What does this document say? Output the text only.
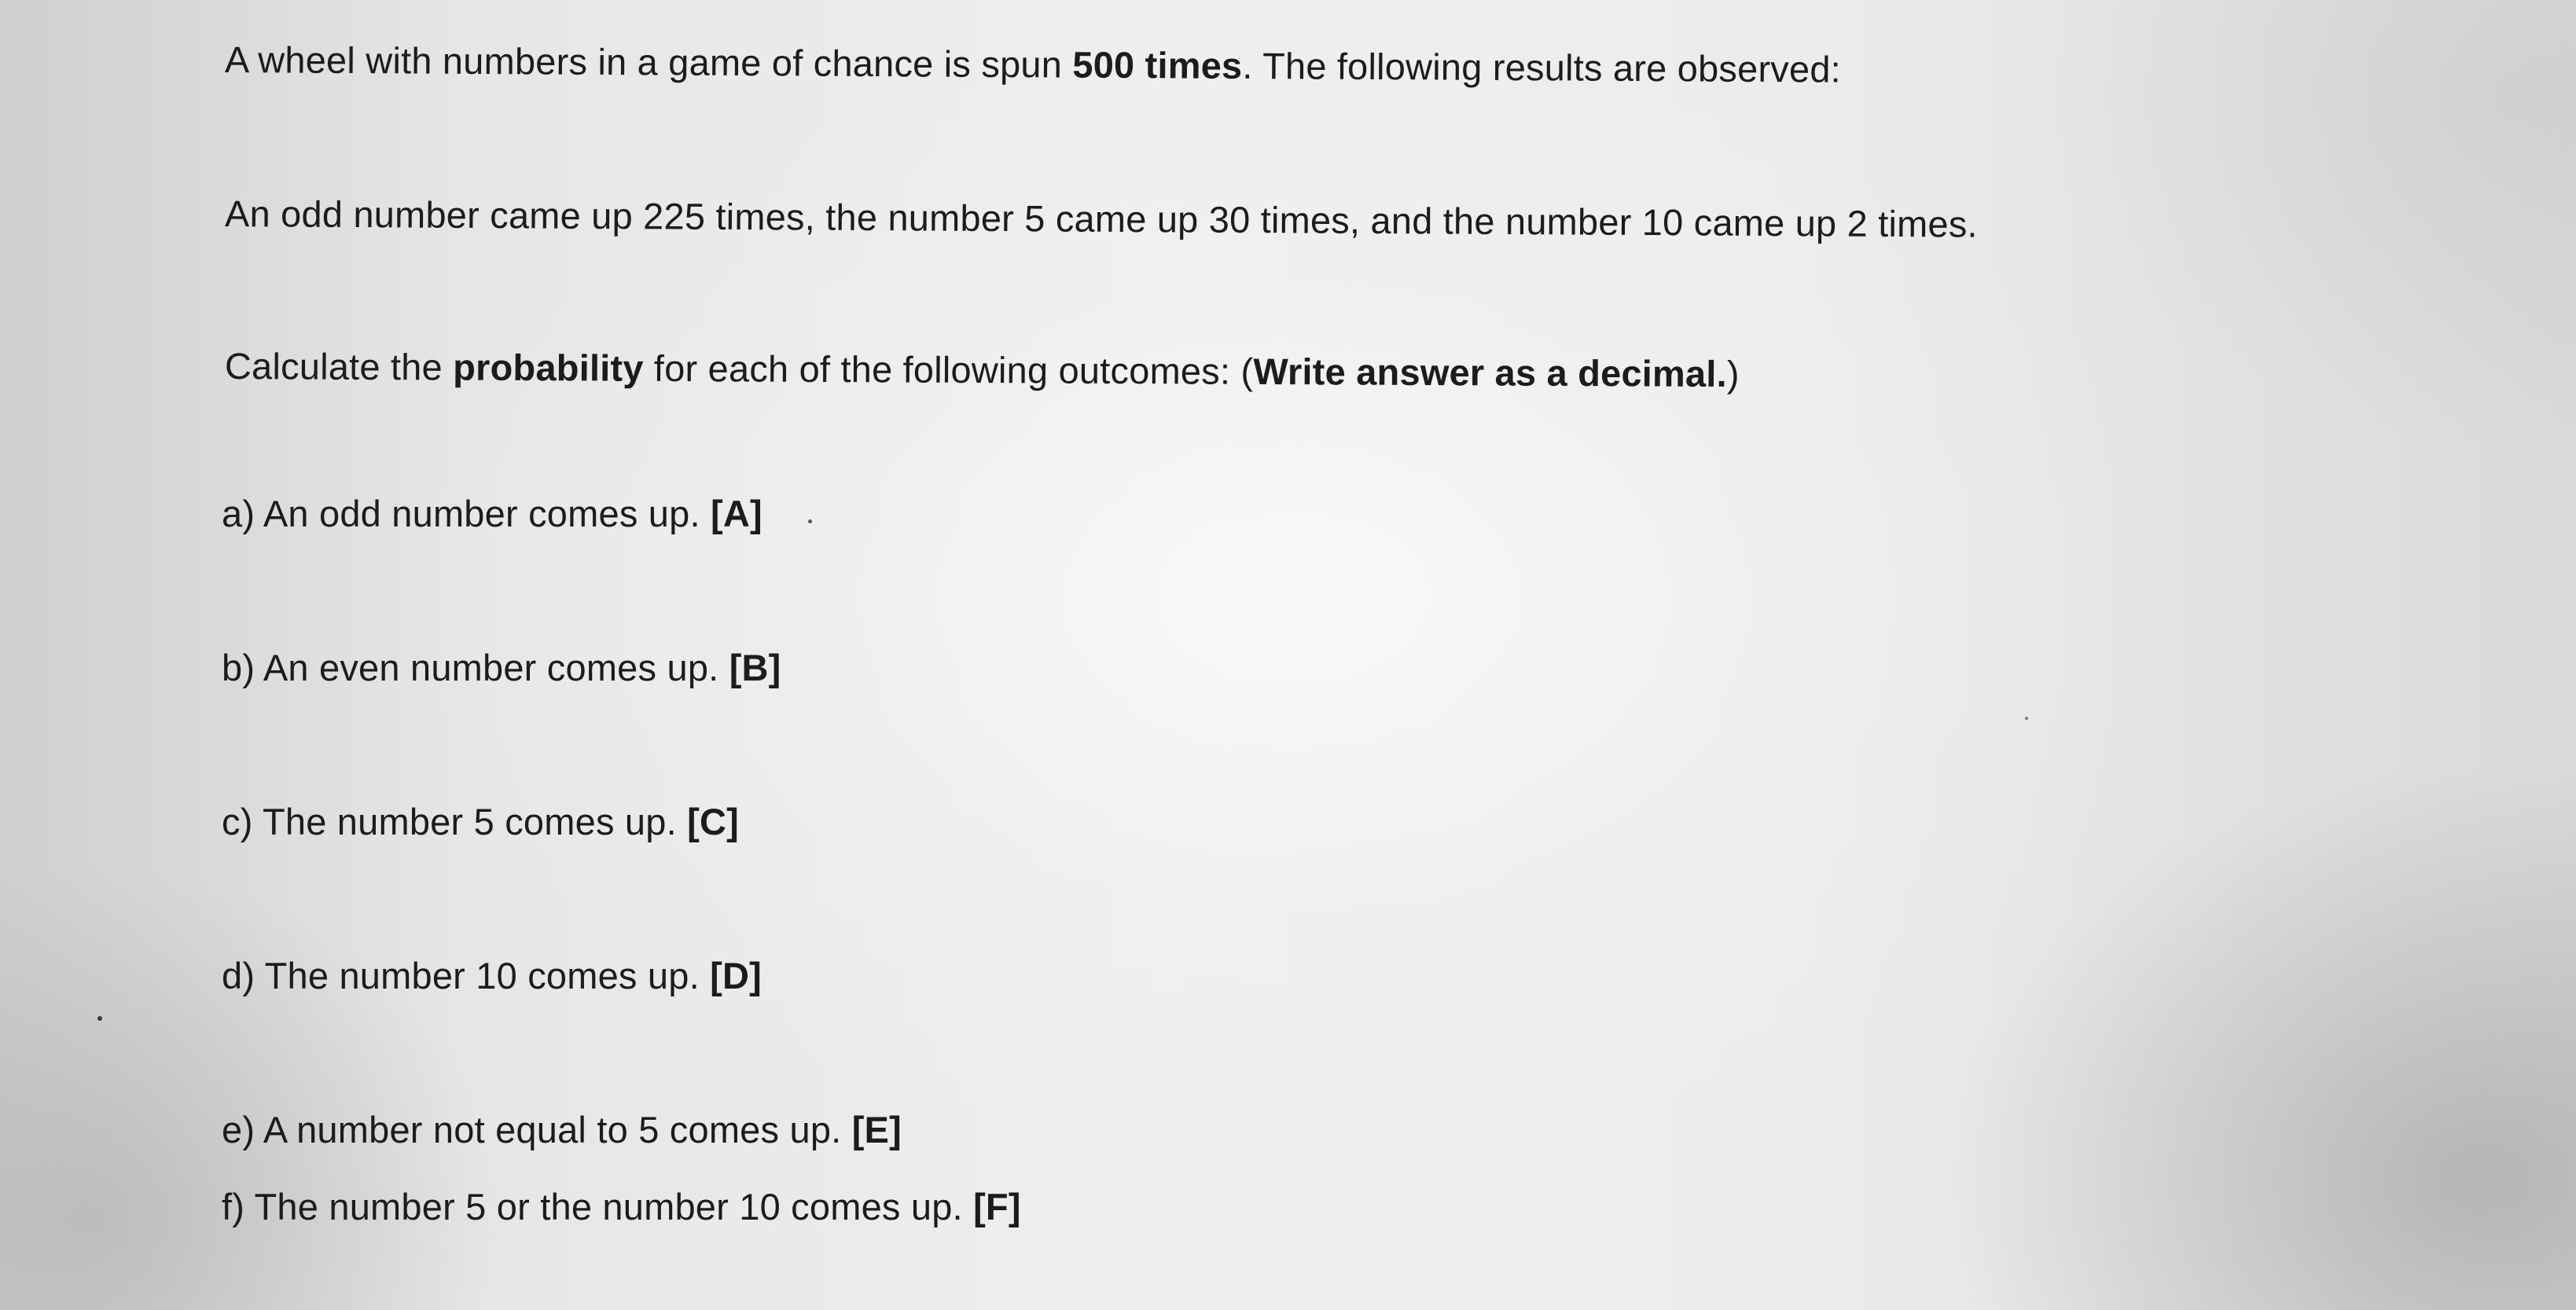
A wheel with numbers in a game of chance is spun 500 times. The following results are observed:
An odd number came up 225 times, the number 5 came up 30 times, and the number 10 came up 2 times.
Calculate the probability for each of the following outcomes: (Write answer as a decimal.)
a) An odd number comes up. [A]
b) An even number comes up. [B]
c) The number 5 comes up. [C]
d) The number 10 comes up. [D]
e) A number not equal to 5 comes up. [E]
f) The number 5 or the number 10 comes up. [F]
